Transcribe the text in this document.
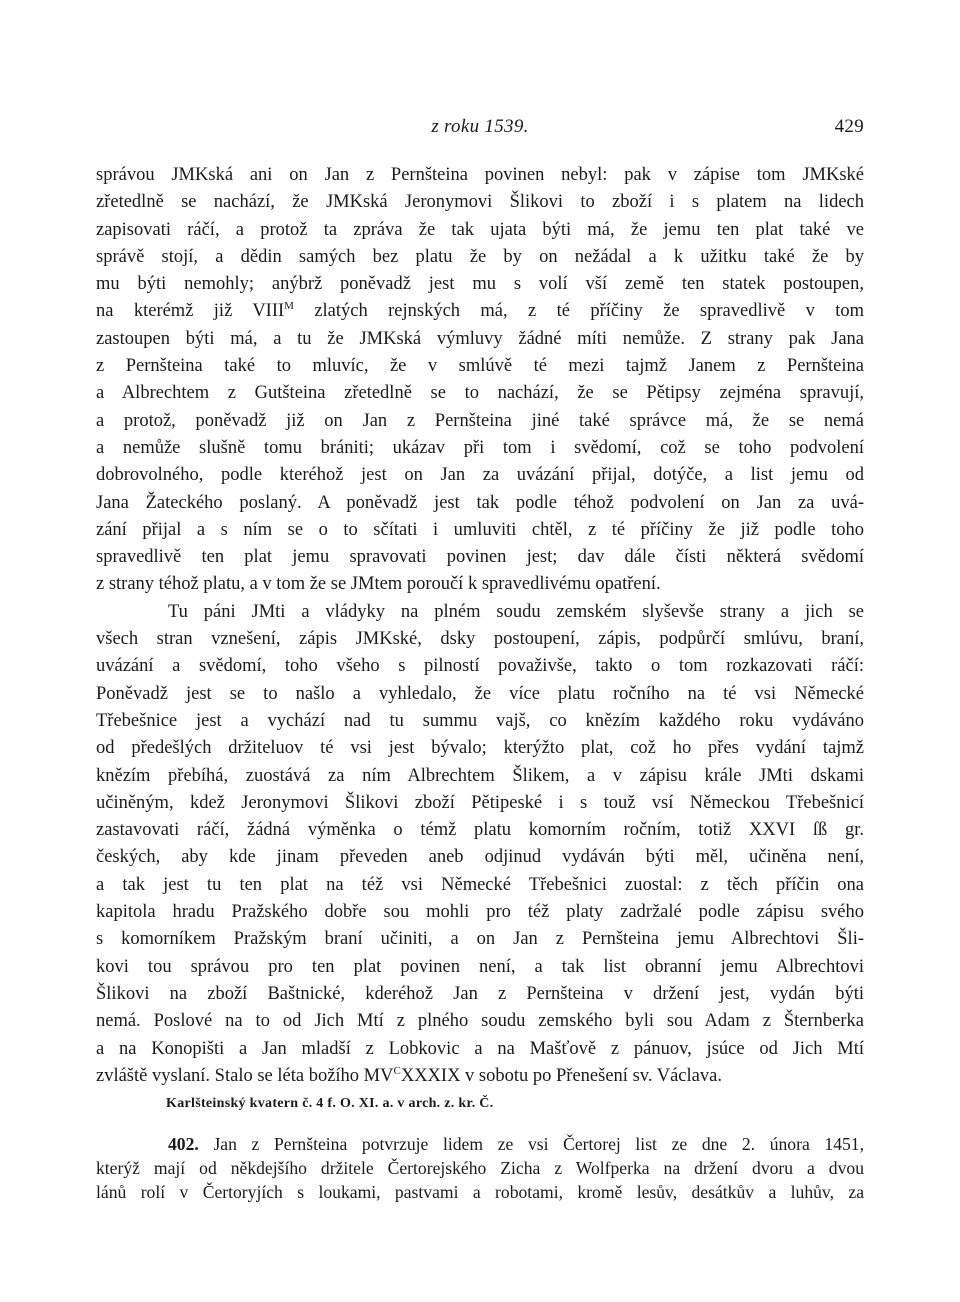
z roku 1539.	429
správou JMKská ani on Jan z Pernšteina povinen nebyl: pak v zápise tom JMKské
zřetedlně se nachází, že JMKská Jeronymovi Šlikovi to zboží i s platem na lidech
zapisovati ráčí, a protož ta zpráva že tak ujata býti má, že jemu ten plat také ve
správě stojí, a dědin samých bez platu že by on nežádal a k užitku také že by
mu býti nemohly; anýbrž poněvadž jest mu s volí vší země ten statek postoupen,
na kterémž již $VIII^M$ zlatých rejnských má, z té příčiny že spravedlivě v tom
zastoupen býti má, a tu že JMKská výmluvy žádné míti nemůže. Z strany pak Jana
z Pernšteina také to mluvíc, že v smlúvě té mezi tajmž Janem z Pernšteina
a Albrechtem z Gutšteina zřetedlně se to nachází, že se Pětipsy zejména spravují,
a protož, poněvadž již on Jan z Pernšteina jiné také správce má, že se nemá
a nemůže slušně tomu brániti; ukázav při tom i svědomí, což se toho podvolení
dobrovolného, podle kteréhož jest on Jan za uvázání přijal, dotýče, a list jemu od
Jana Žateckého poslaný. A poněvadž jest tak podle téhož podvolení on Jan za uvá-
zání přijal a s ním se o to sčítati i umluviti chtěl, z té příčiny že již podle toho
spravedlivě ten plat jemu spravovati povinen jest; dav dále čísti některá svědomí
z strany téhož platu, a v tom že se JMtem poroučí k spravedlivému opatření.
Tu páni JMti a vládyky na plném soudu zemském slyševše strany a jich se
všech stran vznešení, zápis JMKské, dsky postoupení, zápis, podpůrčí smlúvu, braní,
uvázání a svědomí, toho všeho s pilností považivše, takto o tom rozkazovati ráčí:
Poněvadž jest se to našlo a vyhledalo, že více platu ročního na té vsi Německé
Třebešnice jest a vychází nad tu summu vajš, co knězím každého roku vydáváno
od předešlých držiteluov té vsi jest bývalo; kterýžto plat, což ho přes vydání tajmž
knězím přebíhá, zuostává za ním Albrechtem Šlikem, a v zápisu krále JMti dskami
učiněným, kdež Jeronymovi Šlikovi zboží Pětipeské i s touž vsí Německou Třebešnicí
zastavovati ráčí, žádná výměnka o témž platu komorním ročním, totiž XXVI ſß gr.
českých, aby kde jinam převeden aneb odjinud vydáván býti měl, učiněna není,
a tak jest tu ten plat na též vsi Německé Třebešnici zuostal: z těch příčin ona
kapitola hradu Pražského dobře sou mohli pro též platy zadržalé podle zápisu svého
s komorníkem Pražským braní učiniti, a on Jan z Pernšteina jemu Albrechtovi Šli-
kovi tou správou pro ten plat povinen není, a tak list obranní jemu Albrechtovi
Šlikovi na zboží Baštnické, kderéhož Jan z Pernšteina v držení jest, vydán býti
nemá. Poslové na to od Jich Mtí z plného soudu zemského byli sou Adam z Šternberka
a na Konopišti a Jan mladší z Lobkovic a na Mašťově z pánuov, jsúce od Jich Mtí
zvláště vyslaní. Stalo se léta božího $MV^CXXXIX$ v sobotu po Přenešení sv. Václava.
Karlšteinský kvatern č. 4 f. O. XI. a. v arch. z. kr. Č.
402. Jan z Pernšteina potvrzuje lidem ze vsi Čertorej list ze dne 2. února 1451,
kterýž mají od někdejšího držitele Čertorejského Zicha z Wolfperka na držení dvoru a dvou
lánů rolí v Čertoryjích s loukami, pastvami a robotami, kromě lesův, desátkův a luhův, za
